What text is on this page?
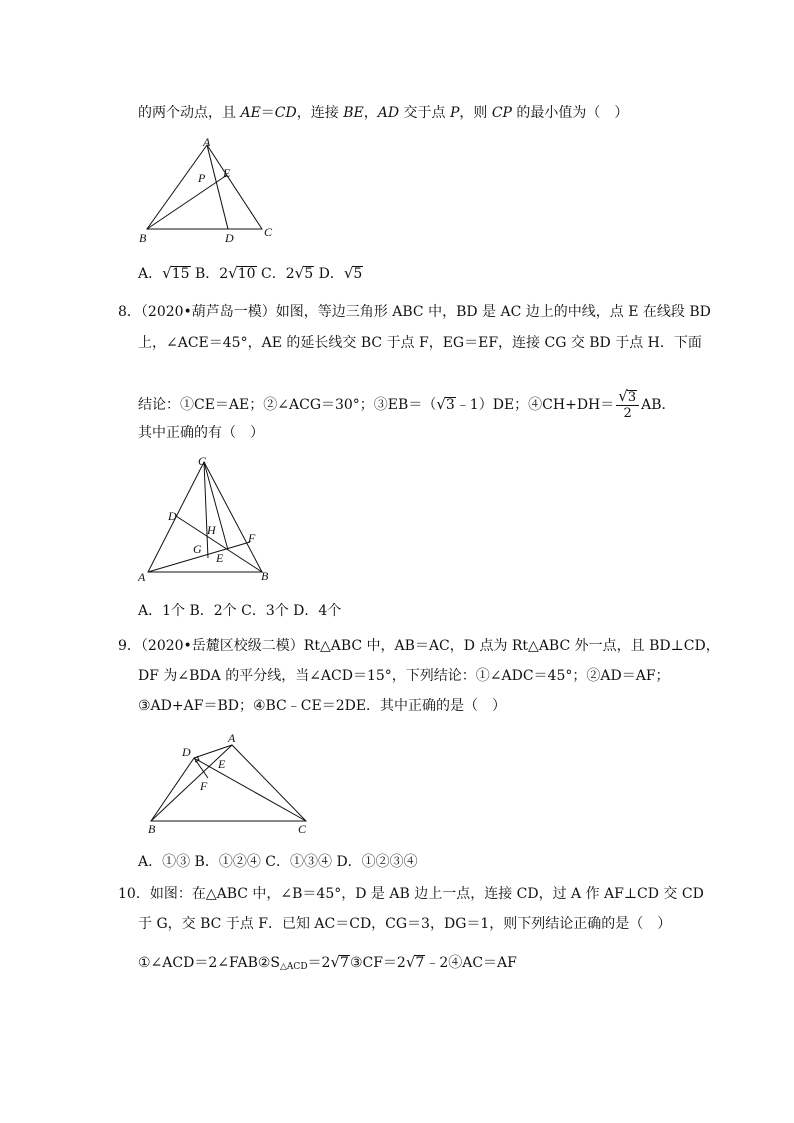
的两个动点，且 AE＝CD，连接 BE，AD 交于点 P，则 CP 的最小值为（　）
A
P E
B	D	C
C
D
H
F
G
E
A	B
D
A
E
F
B	C
A．√15 B．2√10 C．2√5 D．√5
8．（2020•葫芦岛一模）如图，等边三角形 ABC 中，BD 是 AC 边上的中线，点 E 在线段 BD
上，∠ACE＝45°，AE 的延长线交 BC 于点 F，EG＝EF，连接 CG 交 BD 于点 H．下面
结论：①CE＝AE；②∠ACG＝30°；③EB＝（√3﹣1）DE；④CH+DH＝ $\frac{√3}{2}$ AB．
其中正确的有（　）
A．1个 B．2个 C．3个 D．4个
9．（2020•岳麓区校级二模）Rt△ABC 中，AB＝AC，D 点为 Rt△ABC 外一点，且 BD⊥CD，
DF 为∠BDA 的平分线，当∠ACD＝15°，下列结论：①∠ADC＝45°；②AD＝AF；
③AD+AF＝BD；④BC﹣CE＝2DE．其中正确的是（　）
A．①③ B．①②④ C．①③④ D．①②③④
10．如图：在△ABC 中，∠B＝45°，D 是 AB 边上一点，连接 CD，过 A 作 AF⊥CD 交 CD
于 G，交 BC 于点 F．已知 AC＝CD，CG＝3，DG＝1，则下列结论正确的是（　）
$①\angle ACD=2\angle FAB②S_{\triangle ACD}=2√7③CF=2√7﹣2④AC=AF$
